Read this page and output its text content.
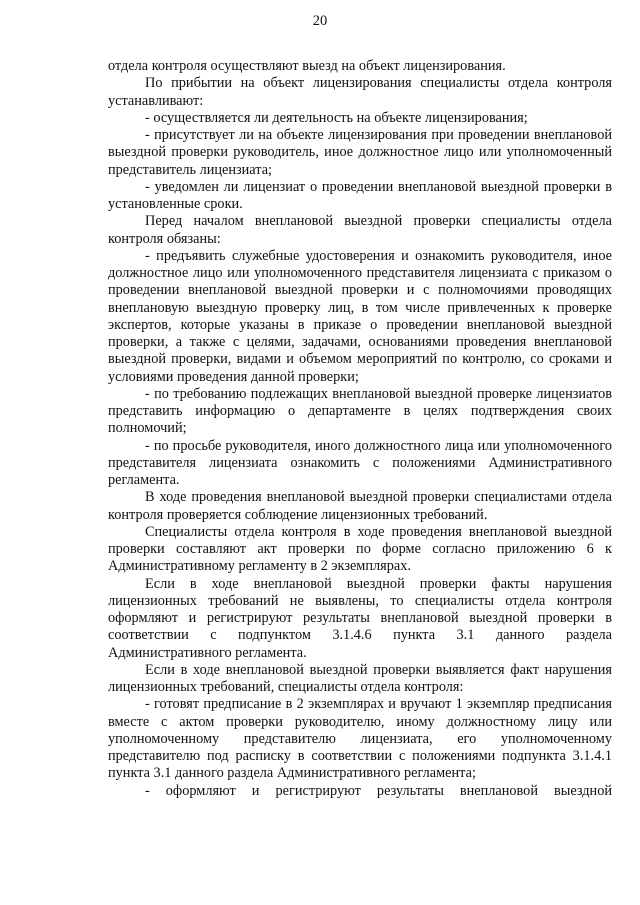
20

отдела контроля осуществляют выезд на объект лицензирования.

По прибытии на объект лицензирования специалисты отдела контроля устанавливают:

- осуществляется ли деятельность на объекте лицензирования;

- присутствует ли на объекте лицензирования при проведении внеплановой выездной проверки руководитель, иное должностное лицо или уполномоченный представитель лицензиата;

- уведомлен ли лицензиат о проведении внеплановой выездной проверки в установленные сроки.

Перед началом внеплановой выездной проверки специалисты отдела контроля обязаны:

- предъявить служебные удостоверения и ознакомить руководителя, иное должностное лицо или уполномоченного представителя лицензиата с приказом о проведении внеплановой выездной проверки и с полномочиями проводящих внеплановую выездную проверку лиц, в том числе привлеченных к проверке экспертов, которые указаны в приказе о проведении внеплановой выездной проверки, а также с целями, задачами, основаниями проведения внеплановой выездной проверки, видами и объемом мероприятий по контролю, со сроками и условиями проведения данной проверки;

- по требованию подлежащих внеплановой выездной проверке лицензиатов представить информацию о департаменте в целях подтверждения своих полномочий;

- по просьбе руководителя, иного должностного лица или уполномоченного представителя лицензиата ознакомить с положениями Административного регламента.

В ходе проведения внеплановой выездной проверки специалистами отдела контроля проверяется соблюдение лицензионных требований.

Специалисты отдела контроля в ходе проведения внеплановой выездной проверки составляют акт проверки по форме согласно приложению 6 к Административному регламенту в 2 экземплярах.

Если в ходе внеплановой выездной проверки факты нарушения лицензионных требований не выявлены, то специалисты отдела контроля оформляют и регистрируют результаты внеплановой выездной проверки в соответствии с подпунктом 3.1.4.6 пункта 3.1 данного раздела Административного регламента.

Если в ходе внеплановой выездной проверки выявляется факт нарушения лицензионных требований, специалисты отдела контроля:

- готовят предписание в 2 экземплярах и вручают 1 экземпляр предписания вместе с актом проверки руководителю, иному должностному лицу или уполномоченному представителю лицензиата, его уполномоченному представителю под расписку в соответствии с положениями подпункта 3.1.4.1 пункта 3.1 данного раздела Административного регламента;

- оформляют и регистрируют результаты внеплановой выездной
